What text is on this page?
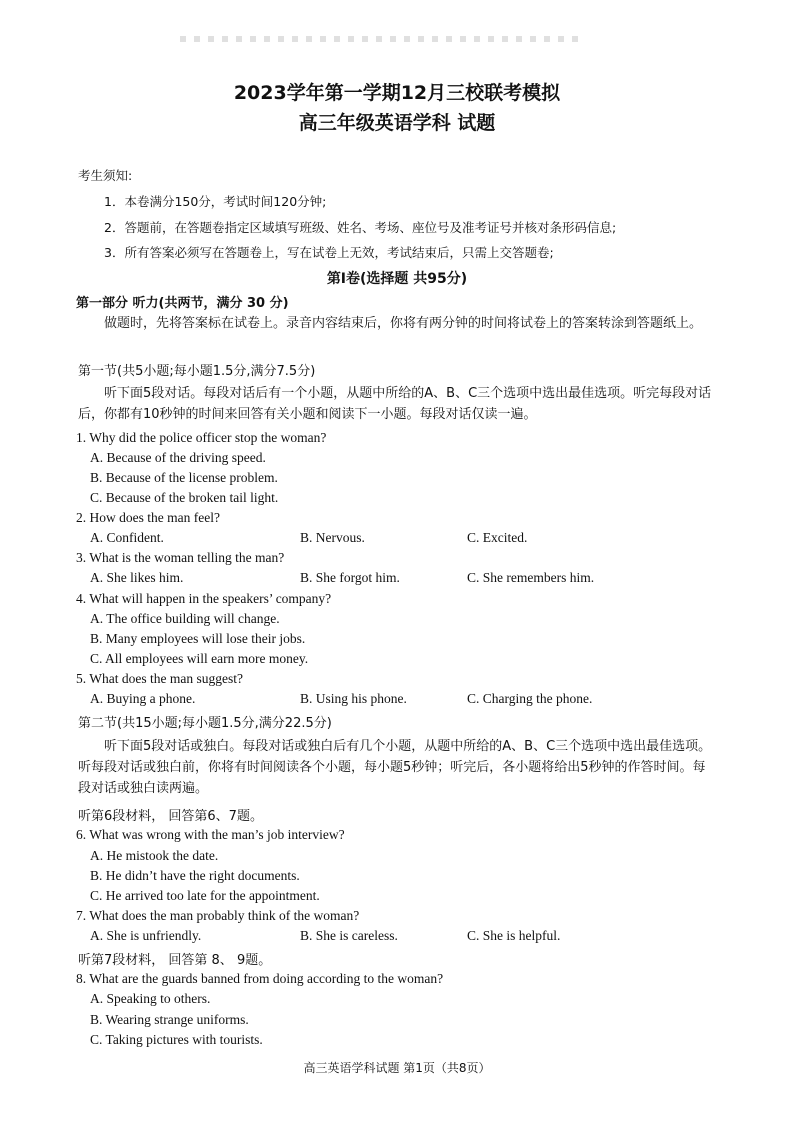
2023学年第一学期12月三校联考模拟
高三年级英语学科 试题
考生须知:
1．本卷满分150分，考试时间120分钟;
2．答题前，在答题卷指定区域填写班级、姓名、考场、座位号及准考证号并核对条形码信息;
3．所有答案必须写在答题卷上，写在试卷上无效，考试结束后，只需上交答题卷;
第Ⅰ卷(选择题 共95分)
第一部分 听力(共两节，满分 30 分)
做题时，先将答案标在试卷上。录音内容结束后，你将有两分钟的时间将试卷上的答案转涂到答题纸上。
第一节(共5小题;每小题1.5分,满分7.5分)
听下面5段对话。每段对话后有一个小题，从题中所给的A、B、C三个选项中选出最佳选项。听完每段对话后，你都有10秒钟的时间来回答有关小题和阅读下一小题。每段对话仅读一遍。
1. Why did the police officer stop the woman?
A. Because of the driving speed.
B. Because of the license problem.
C. Because of the broken tail light.
2. How does the man feel?
A. Confident.	B. Nervous.	C. Excited.
3. What is the woman telling the man?
A. She likes him.	B. She forgot him.	C. She remembers him.
4. What will happen in the speakers’ company?
A. The office building will change.
B. Many employees will lose their jobs.
C. All employees will earn more money.
5. What does the man suggest?
A. Buying a phone.	B. Using his phone.	C. Charging the phone.
第二节(共15小题;每小题1.5分,满分22.5分)
听下面5段对话或独白。每段对话或独白后有几个小题，从题中所给的A、B、C三个选项中选出最佳选项。听每段对话或独白前，你将有时间阅读各个小题，每小题5秒钟；听完后，各小题将给出5秒钟的作答时间。每段对话或独白读两遍。
听第6段材料， 回答第6、7题。
6. What was wrong with the man’s job interview?
A. He mistook the date.
B. He didn’t have the right documents.
C. He arrived too late for the appointment.
7. What does the man probably think of the woman?
A. She is unfriendly.	B. She is careless.	C. She is helpful.
听第7段材料， 回答第 8、 9题。
8. What are the guards banned from doing according to the woman?
A. Speaking to others.
B. Wearing strange uniforms.
C. Taking pictures with tourists.
高三英语学科试题 第1页（共8页）
